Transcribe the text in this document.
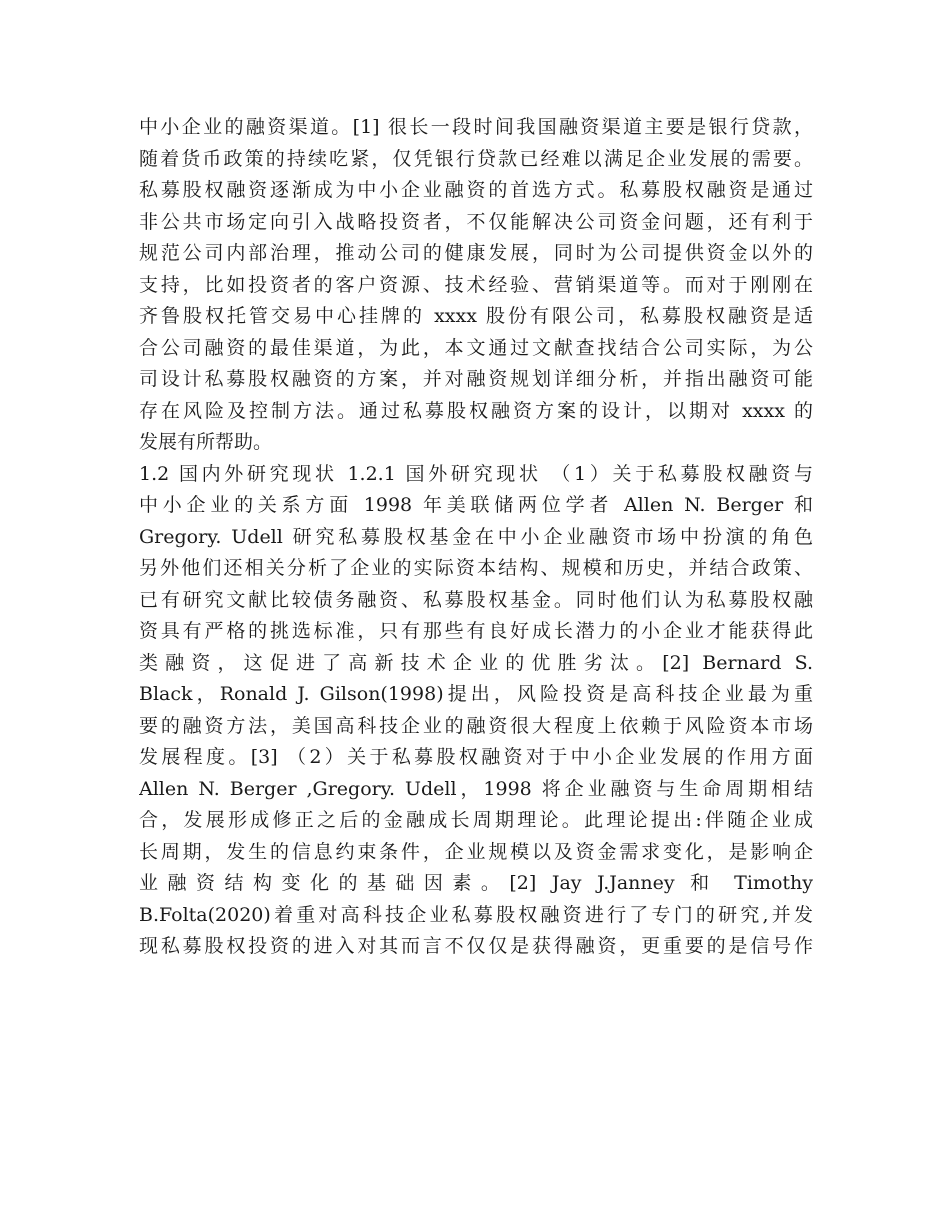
中小企业的融资渠道。[1] 很长一段时间我国融资渠道主要是银行贷款，
随着货币政策的持续吃紧，仅凭银行贷款已经难以满足企业发展的需要。
私募股权融资逐渐成为中小企业融资的首选方式。私募股权融资是通过
非公共市场定向引入战略投资者，不仅能解决公司资金问题，还有利于
规范公司内部治理，推动公司的健康发展，同时为公司提供资金以外的
支持，比如投资者的客户资源、技术经验、营销渠道等。而对于刚刚在
齐鲁股权托管交易中心挂牌的 xxxx 股份有限公司，私募股权融资是适
合公司融资的最佳渠道，为此，本文通过文献查找结合公司实际，为公
司设计私募股权融资的方案，并对融资规划详细分析，并指出融资可能
存在风险及控制方法。通过私募股权融资方案的设计，以期对 xxxx 的
发展有所帮助。
1.2 国内外研究现状 1.2.1 国外研究现状 （1）关于私募股权融资与
中小企业的关系方面 1998 年美联储两位学者 Allen N. Berger 和
Gregory. Udell 研究私募股权基金在中小企业融资市场中扮演的角色
另外他们还相关分析了企业的实际资本结构、规模和历史，并结合政策、
已有研究文献比较债务融资、私募股权基金。同时他们认为私募股权融
资具有严格的挑选标准，只有那些有良好成长潜力的小企业才能获得此
类融资，这促进了高新技术企业的优胜劣汰。[2] Bernard S.
Black，Ronald J. Gilson(1998)提出，风险投资是高科技企业最为重
要的融资方法，美国高科技企业的融资很大程度上依赖于风险资本市场
发展程度。[3] （2）关于私募股权融资对于中小企业发展的作用方面
Allen N. Berger ,Gregory. Udell，1998 将企业融资与生命周期相结
合，发展形成修正之后的金融成长周期理论。此理论提出:伴随企业成
长周期，发生的信息约束条件，企业规模以及资金需求变化，是影响企
业融资结构变化的基础因素。[2] Jay J.Janney 和 Timothy
B.Folta(2020)着重对高科技企业私募股权融资进行了专门的研究,并发
现私募股权投资的进入对其而言不仅仅是获得融资，更重要的是信号作
